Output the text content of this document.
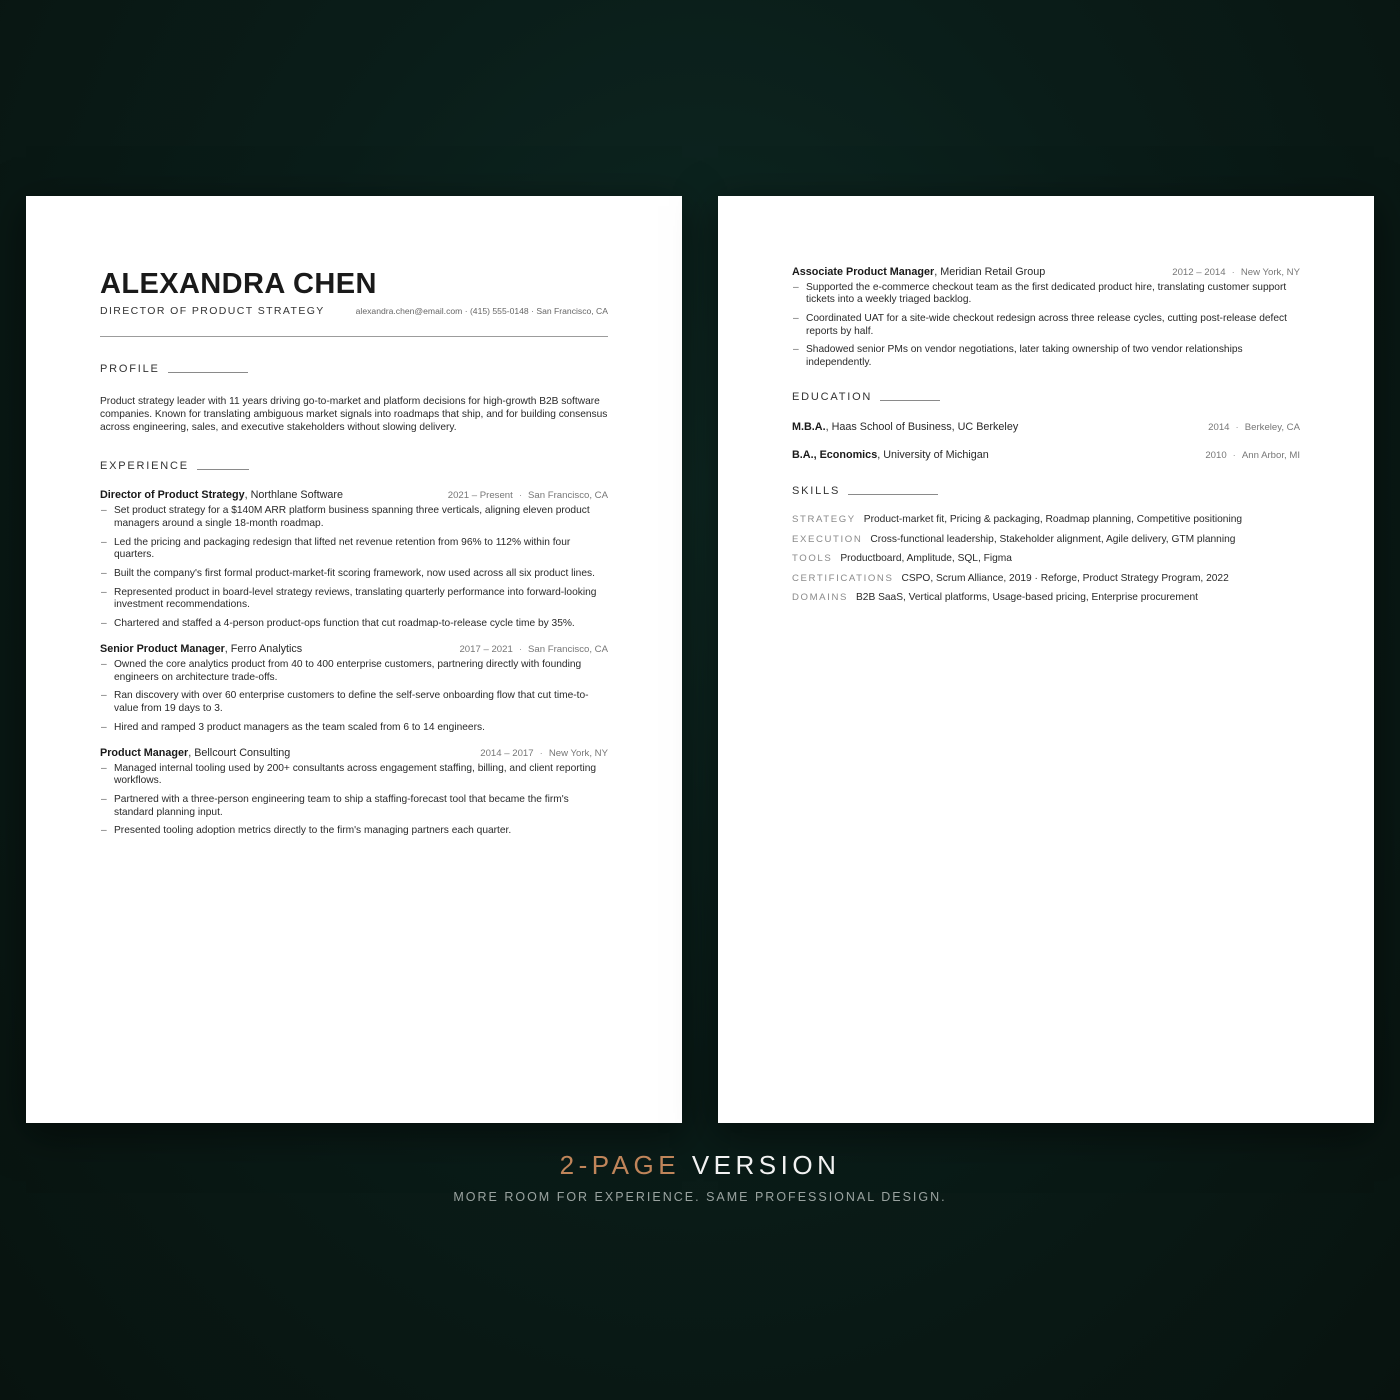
ALEXANDRA CHEN
DIRECTOR OF PRODUCT STRATEGY	alexandra.chen@email.com · (415) 555-0148 · San Francisco, CA
PROFILE
Product strategy leader with 11 years driving go-to-market and platform decisions for high-growth B2B software companies. Known for translating ambiguous market signals into roadmaps that ship, and for building consensus across engineering, sales, and executive stakeholders without slowing delivery.
EXPERIENCE
Director of Product Strategy, Northlane Software	2021 – Present · San Francisco, CA
– Set product strategy for a $140M ARR platform business spanning three verticals, aligning eleven product managers around a single 18-month roadmap.
– Led the pricing and packaging redesign that lifted net revenue retention from 96% to 112% within four quarters.
– Built the company's first formal product-market-fit scoring framework, now used across all six product lines.
– Represented product in board-level strategy reviews, translating quarterly performance into forward-looking investment recommendations.
– Chartered and staffed a 4-person product-ops function that cut roadmap-to-release cycle time by 35%.
Senior Product Manager, Ferro Analytics	2017 – 2021 · San Francisco, CA
– Owned the core analytics product from 40 to 400 enterprise customers, partnering directly with founding engineers on architecture trade-offs.
– Ran discovery with over 60 enterprise customers to define the self-serve onboarding flow that cut time-to-value from 19 days to 3.
– Hired and ramped 3 product managers as the team scaled from 6 to 14 engineers.
Product Manager, Bellcourt Consulting	2014 – 2017 · New York, NY
– Managed internal tooling used by 200+ consultants across engagement staffing, billing, and client reporting workflows.
– Partnered with a three-person engineering team to ship a staffing-forecast tool that became the firm's standard planning input.
– Presented tooling adoption metrics directly to the firm's managing partners each quarter.
Associate Product Manager, Meridian Retail Group	2012 – 2014 · New York, NY
– Supported the e-commerce checkout team as the first dedicated product hire, translating customer support tickets into a weekly triaged backlog.
– Coordinated UAT for a site-wide checkout redesign across three release cycles, cutting post-release defect reports by half.
– Shadowed senior PMs on vendor negotiations, later taking ownership of two vendor relationships independently.
EDUCATION
M.B.A., Haas School of Business, UC Berkeley	2014 · Berkeley, CA
B.A., Economics, University of Michigan	2010 · Ann Arbor, MI
SKILLS
STRATEGY Product-market fit, Pricing & packaging, Roadmap planning, Competitive positioning
EXECUTION Cross-functional leadership, Stakeholder alignment, Agile delivery, GTM planning
TOOLS Productboard, Amplitude, SQL, Figma
CERTIFICATIONS CSPO, Scrum Alliance, 2019 · Reforge, Product Strategy Program, 2022
DOMAINS B2B SaaS, Vertical platforms, Usage-based pricing, Enterprise procurement
2-PAGE VERSION
MORE ROOM FOR EXPERIENCE. SAME PROFESSIONAL DESIGN.
